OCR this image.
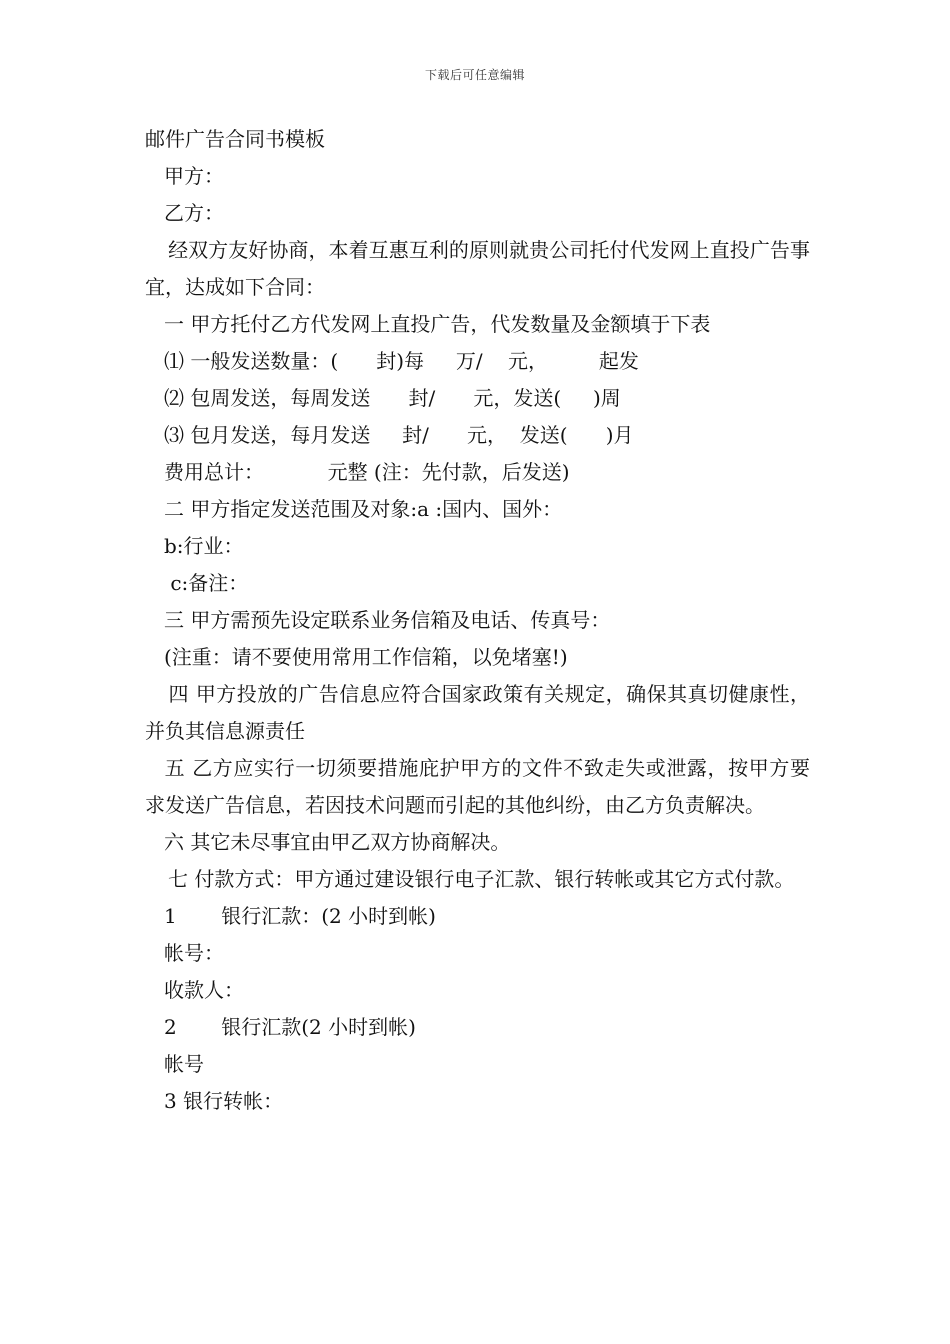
下载后可任意编辑

邮件广告合同书模板

甲方：

乙方：

经双方友好协商，本着互惠互利的原则就贵公司托付代发网上直投广告事宜，达成如下合同：

一 甲方托付乙方代发网上直投广告，代发数量及金额填于下表

⑴ 一般发送数量：(      封)每     万/    元，        起发

⑵ 包周发送，每周发送      封/      元，发送(     )周

⑶ 包月发送，每月发送     封/      元，  发送(      )月

费用总计：          元整 (注：先付款，后发送)

二 甲方指定发送范围及对象:a :国内、国外：

b:行业：

c:备注：

三 甲方需预先设定联系业务信箱及电话、传真号：

(注重：请不要使用常用工作信箱，以免堵塞!)

四 甲方投放的广告信息应符合国家政策有关规定，确保其真切健康性，并负其信息源责任

五 乙方应实行一切须要措施庇护甲方的文件不致走失或泄露，按甲方要求发送广告信息，若因技术问题而引起的其他纠纷，由乙方负责解决。

六 其它未尽事宜由甲乙双方协商解决。

七 付款方式：甲方通过建设银行电子汇款、银行转帐或其它方式付款。

1       银行汇款：(2 小时到帐)

帐号：

收款人：

2       银行汇款(2 小时到帐)

帐号

3 银行转帐：
